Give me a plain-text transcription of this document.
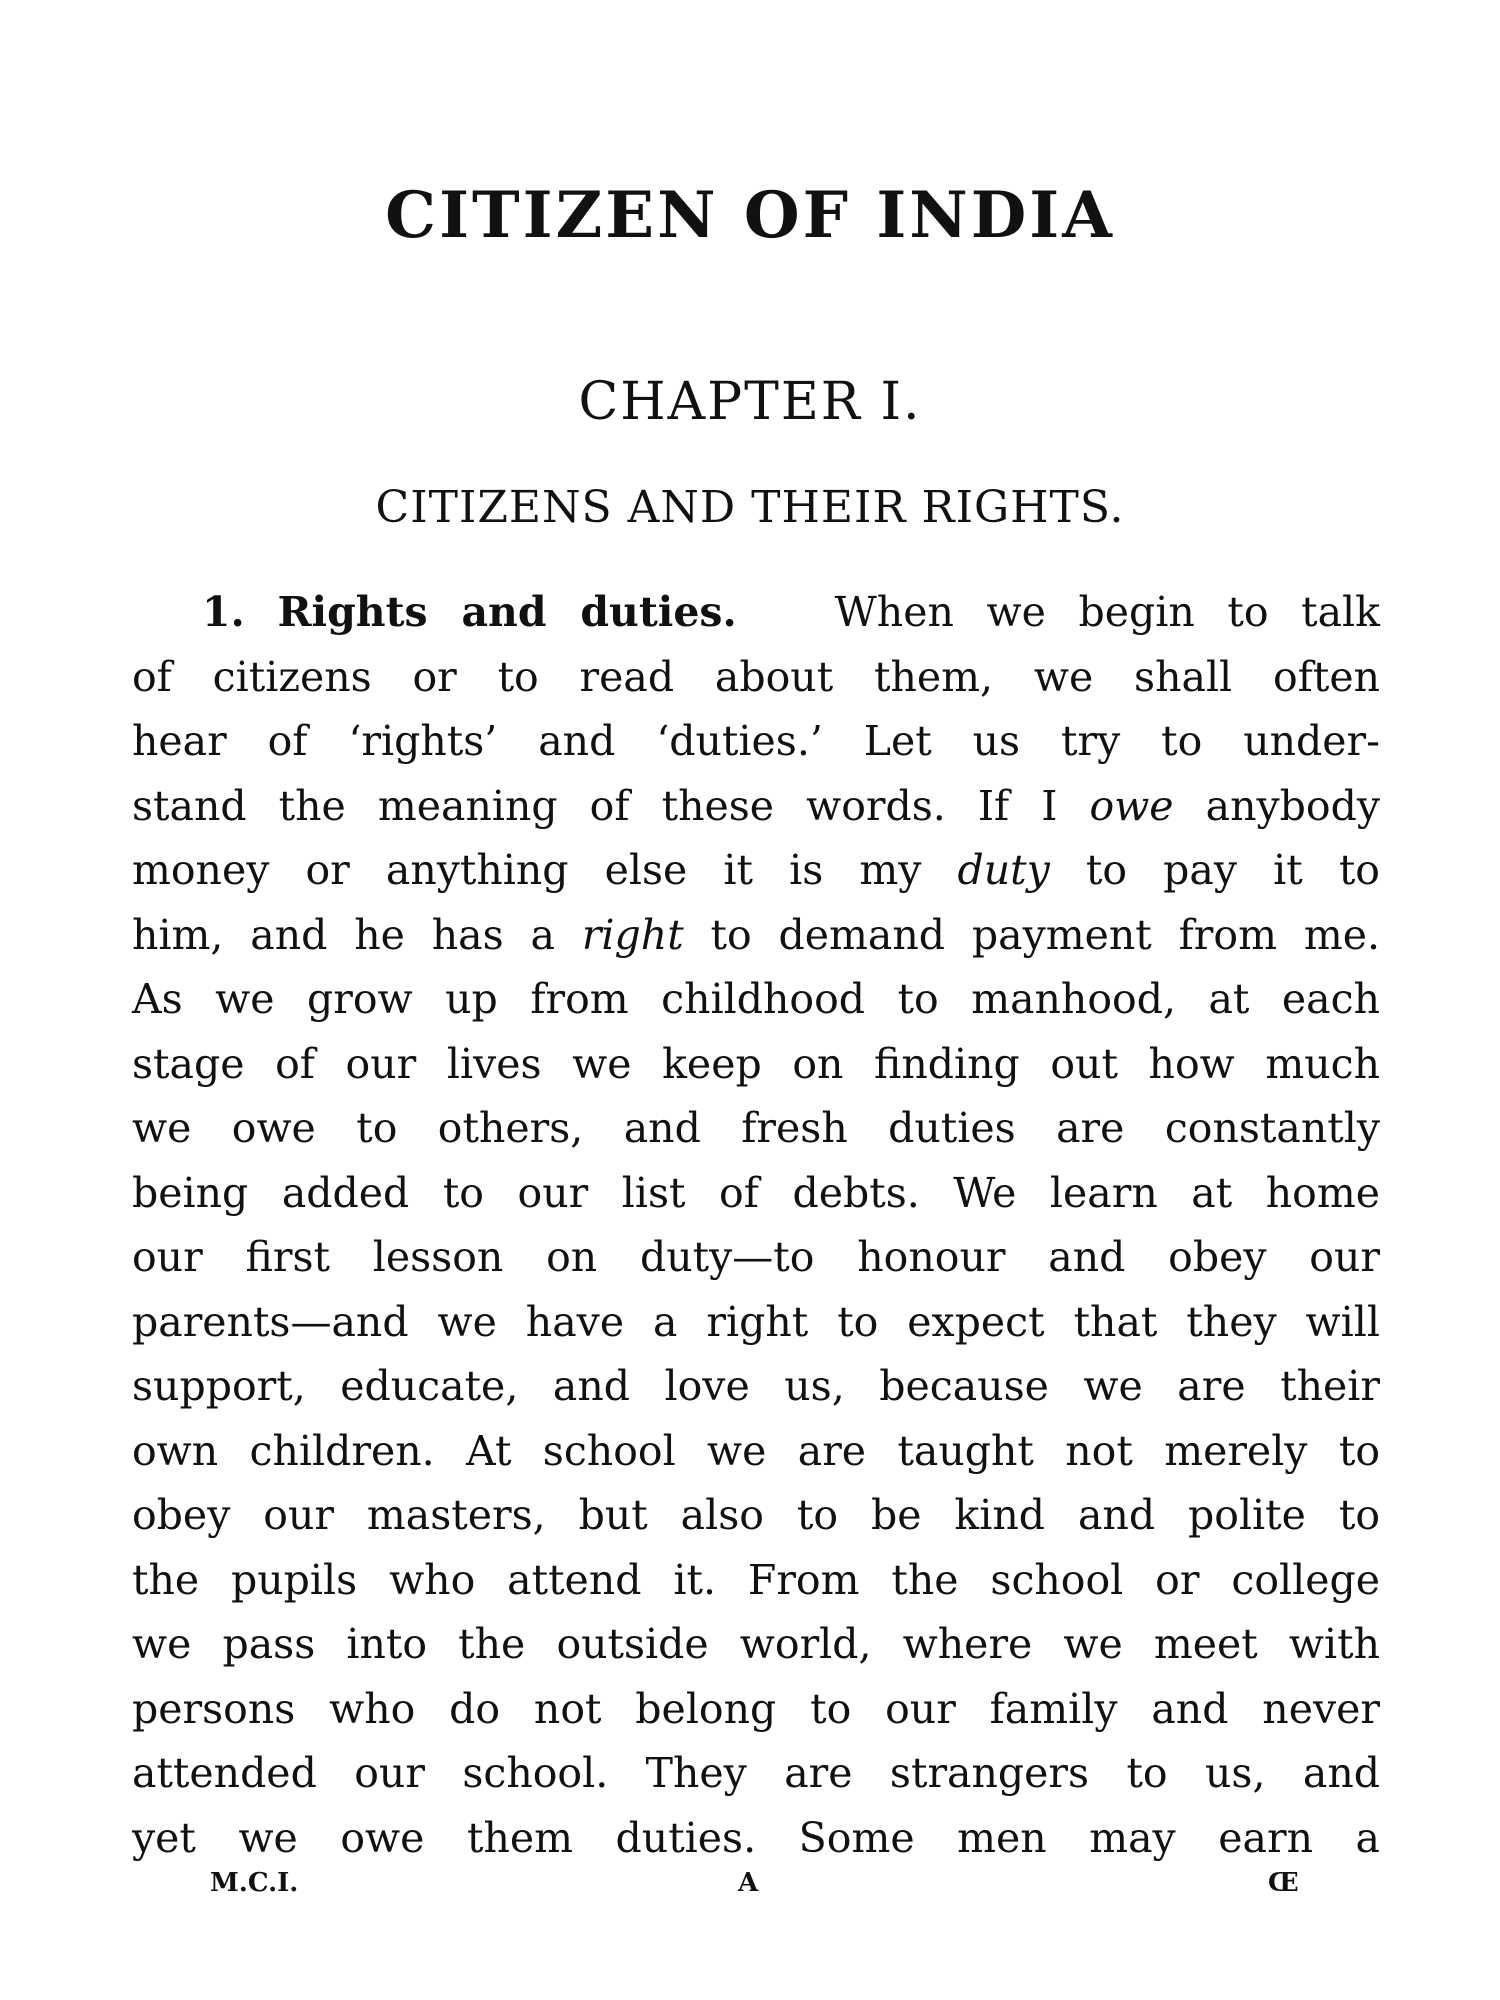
CITIZEN OF INDIA
CHAPTER I.
CITIZENS AND THEIR RIGHTS.
1. Rights and duties. When we begin to talk
of citizens or to read about them, we shall often
hear of ‘rights’ and ‘duties.’ Let us try to under-
stand the meaning of these words. If I owe anybody
money or anything else it is my duty to pay it to
him, and he has a right to demand payment from me.
As we grow up from childhood to manhood, at each
stage of our lives we keep on finding out how much
we owe to others, and fresh duties are constantly
being added to our list of debts. We learn at home
our first lesson on duty—to honour and obey our
parents—and we have a right to expect that they will
support, educate, and love us, because we are their
own children. At school we are taught not merely to
obey our masters, but also to be kind and polite to
the pupils who attend it. From the school or college
we pass into the outside world, where we meet with
persons who do not belong to our family and never
attended our school. They are strangers to us, and
yet we owe them duties. Some men may earn a
M.C.I.	A	Œ
